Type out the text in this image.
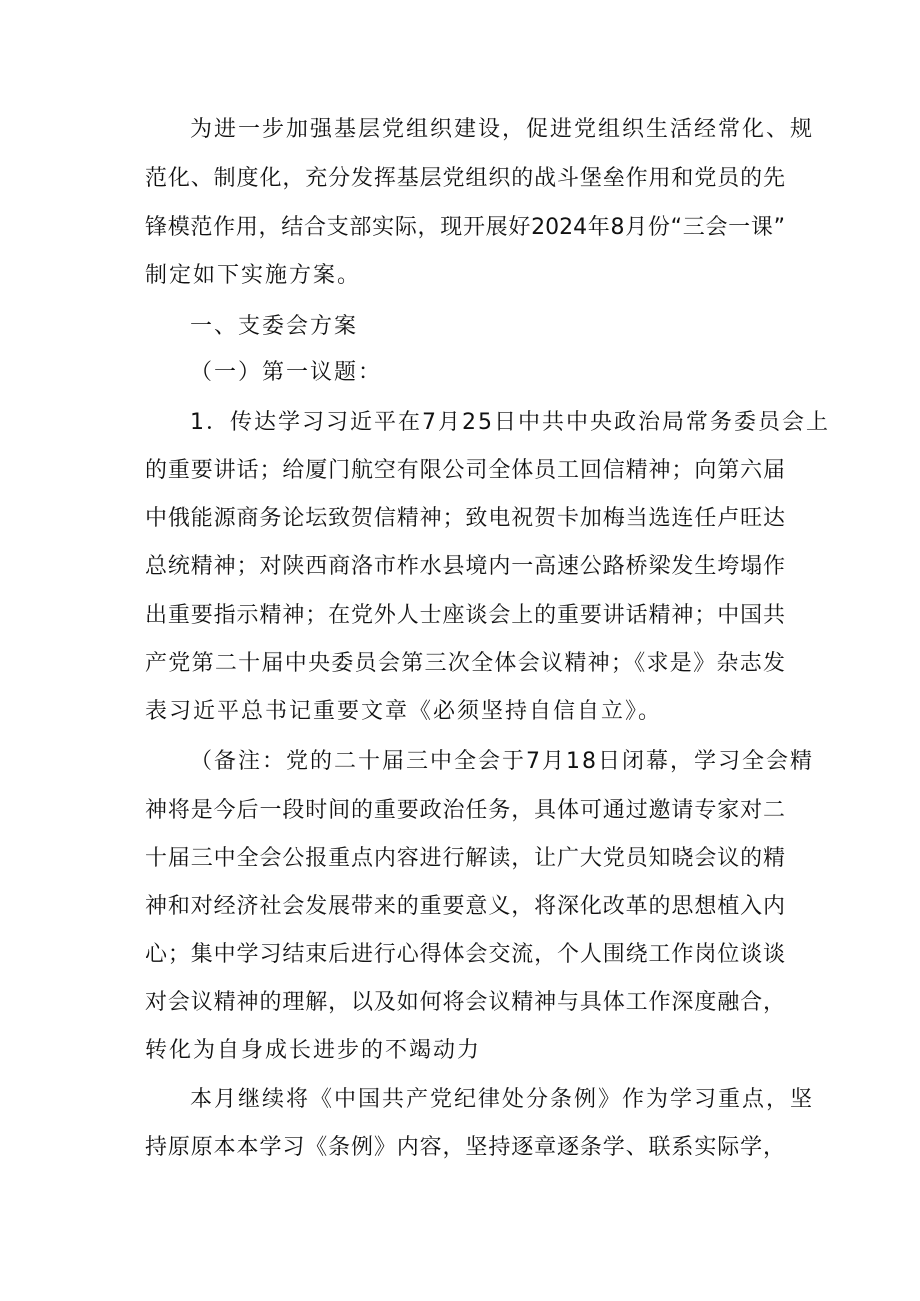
为进一步加强基层党组织建设，促进党组织生活经常化、规
范化、制度化，充分发挥基层党组织的战斗堡垒作用和党员的先
锋模范作用，结合支部实际，现开展好2024年8月份“三会一课”
制定如下实施方案。
一、支委会方案
（一）第一议题：
1．传达学习习近平在7月25日中共中央政治局常务委员会上
的重要讲话；给厦门航空有限公司全体员工回信精神；向第六届
中俄能源商务论坛致贺信精神；致电祝贺卡加梅当选连任卢旺达
总统精神；对陕西商洛市柞水县境内一高速公路桥梁发生垮塌作
出重要指示精神；在党外人士座谈会上的重要讲话精神；中国共
产党第二十届中央委员会第三次全体会议精神；《求是》杂志发
表习近平总书记重要文章《必须坚持自信自立》。
（备注：党的二十届三中全会于7月18日闭幕，学习全会精
神将是今后一段时间的重要政治任务，具体可通过邀请专家对二
十届三中全会公报重点内容进行解读，让广大党员知晓会议的精
神和对经济社会发展带来的重要意义，将深化改革的思想植入内
心；集中学习结束后进行心得体会交流，个人围绕工作岗位谈谈
对会议精神的理解，以及如何将会议精神与具体工作深度融合，
转化为自身成长进步的不竭动力
本月继续将《中国共产党纪律处分条例》作为学习重点，坚
持原原本本学习《条例》内容，坚持逐章逐条学、联系实际学，
